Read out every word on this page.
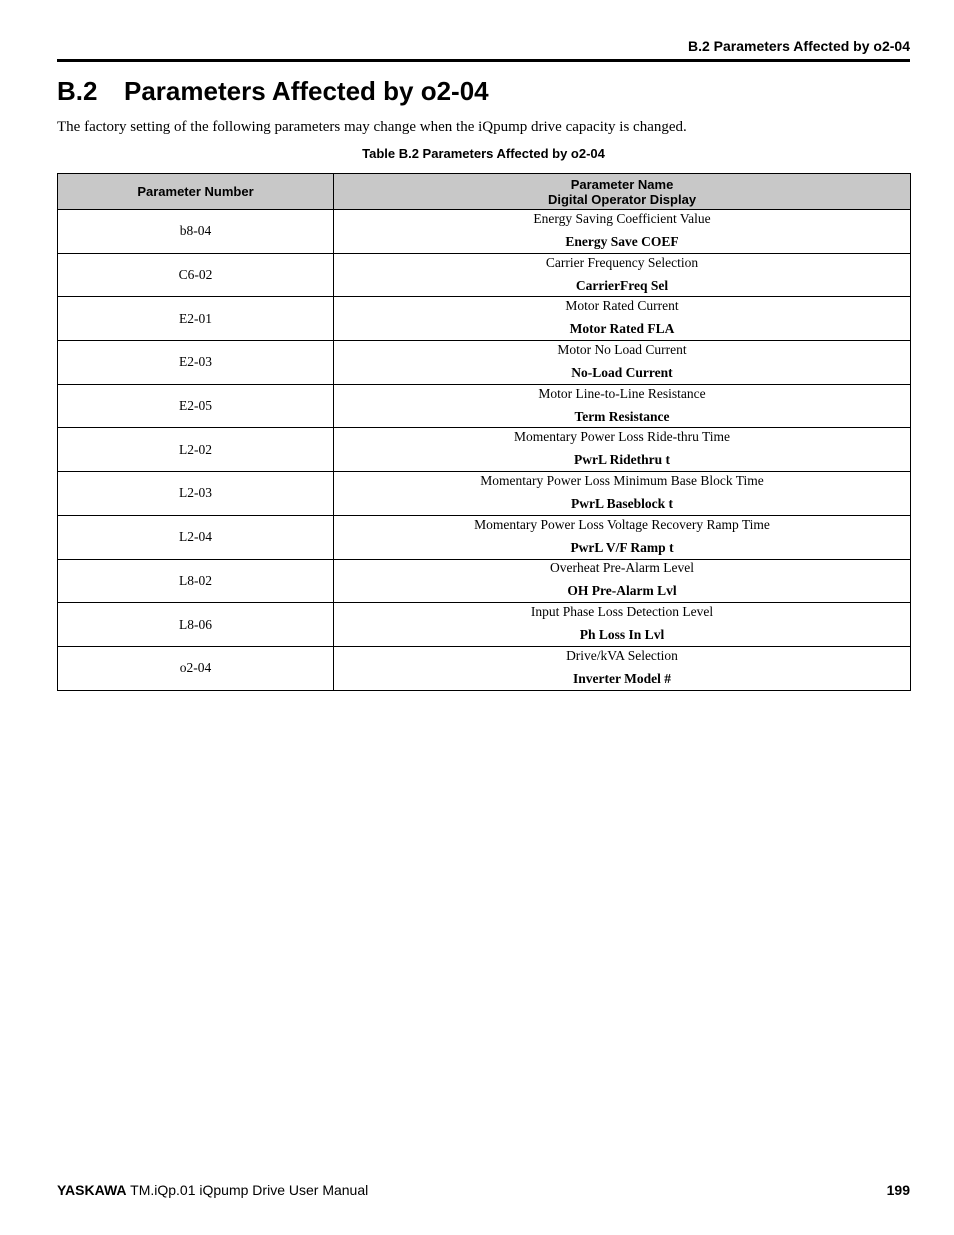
B.2 Parameters Affected by o2-04
B.2 Parameters Affected by o2-04

The factory setting of the following parameters may change when the iQpump drive capacity is changed.

Table B.2 Parameters Affected by o2-04
Parameter Number	Parameter Name
Digital Operator Display

b8-04	Energy Saving Coefficient Value
Energy Save COEF

C6-02	Carrier Frequency Selection
CarrierFreq Sel

E2-01	Motor Rated Current
Motor Rated FLA

E2-03	Motor No Load Current
No-Load Current

E2-05	Motor Line-to-Line Resistance
Term Resistance

L2-02	Momentary Power Loss Ride-thru Time
PwrL Ridethru t

L2-03	Momentary Power Loss Minimum Base Block Time
PwrL Baseblock t

L2-04	Momentary Power Loss Voltage Recovery Ramp Time
PwrL V/F Ramp t

L8-02	Overheat Pre-Alarm Level
OH Pre-Alarm Lvl

L8-06	Input Phase Loss Detection Level
Ph Loss In Lvl

o2-04	Drive/kVA Selection
Inverter Model #
YASKAWA TM.iQp.01 iQpump Drive User Manual	199
